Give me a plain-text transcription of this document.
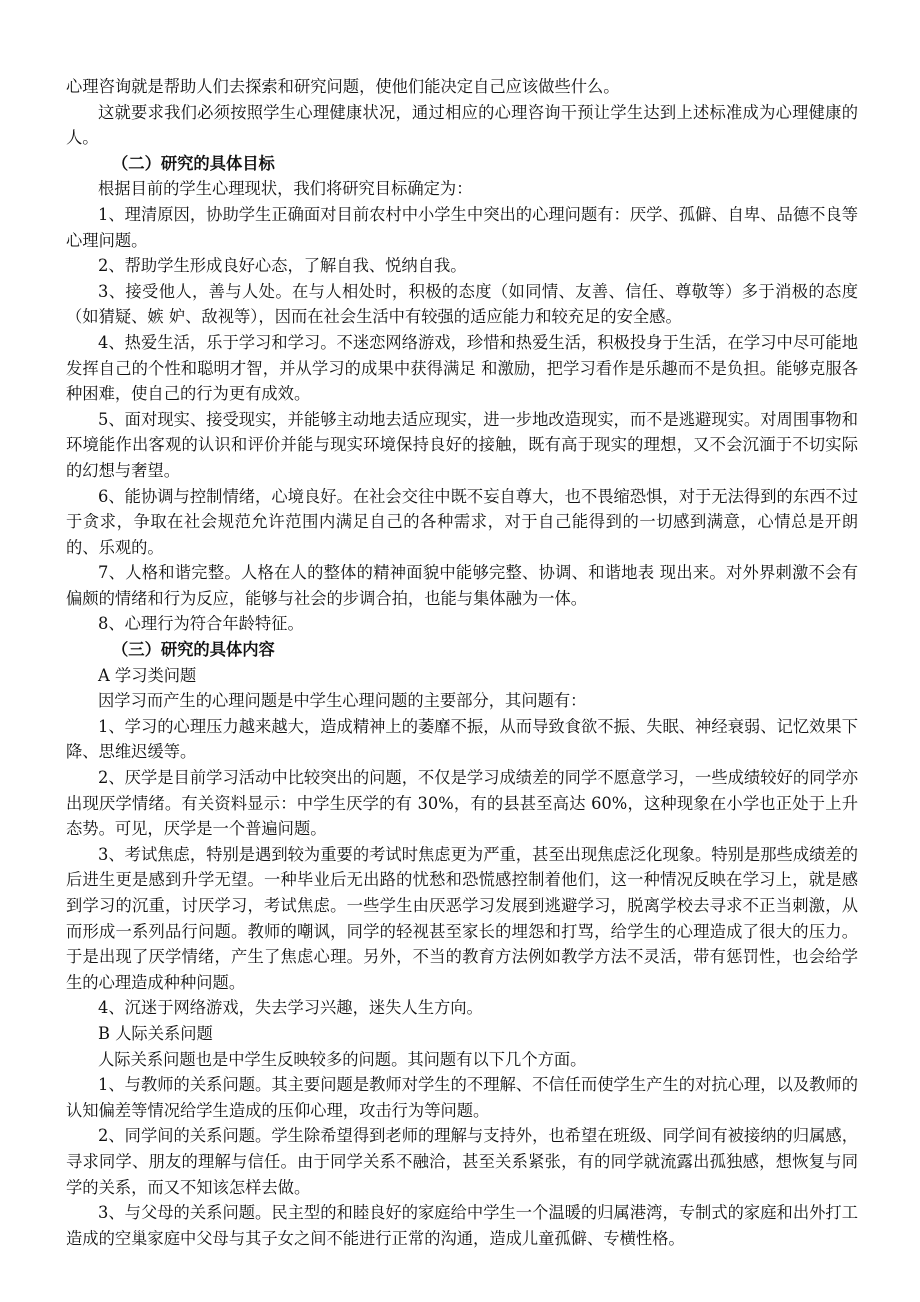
心理咨询就是帮助人们去探索和研究问题，使他们能决定自己应该做些什么。

这就要求我们必须按照学生心理健康状况，通过相应的心理咨询干预让学生达到上述标准成为心理健康的人。

（二）研究的具体目标

根据目前的学生心理现状，我们将研究目标确定为：

1、理清原因，协助学生正确面对目前农村中小学生中突出的心理问题有：厌学、孤僻、自卑、品德不良等心理问题。

2、帮助学生形成良好心态，了解自我、悦纳自我。

3、接受他人，善与人处。在与人相处时，积极的态度（如同情、友善、信任、尊敬等）多于消极的态度（如猜疑、嫉 妒、敌视等），因而在社会生活中有较强的适应能力和较充足的安全感。

4、热爱生活，乐于学习和学习。不迷恋网络游戏，珍惜和热爱生活，积极投身于生活，在学习中尽可能地发挥自己的个性和聪明才智，并从学习的成果中获得满足 和激励，把学习看作是乐趣而不是负担。能够克服各种困难，使自己的行为更有成效。

5、面对现实、接受现实，并能够主动地去适应现实，进一步地改造现实，而不是逃避现实。对周围事物和环境能作出客观的认识和评价并能与现实环境保持良好的接触，既有高于现实的理想，又不会沉湎于不切实际的幻想与奢望。

6、能协调与控制情绪，心境良好。在社会交往中既不妄自尊大，也不畏缩恐惧，对于无法得到的东西不过于贪求，争取在社会规范允许范围内满足自己的各种需求，对于自己能得到的一切感到满意，心情总是开朗的、乐观的。

7、人格和谐完整。人格在人的整体的精神面貌中能够完整、协调、和谐地表 现出来。对外界刺激不会有偏颇的情绪和行为反应，能够与社会的步调合拍，也能与集体融为一体。

8、心理行为符合年龄特征。

（三）研究的具体内容

A 学习类问题

因学习而产生的心理问题是中学生心理问题的主要部分，其问题有：

1、学习的心理压力越来越大，造成精神上的萎靡不振，从而导致食欲不振、失眠、神经衰弱、记忆效果下降、思维迟缓等。

2、厌学是目前学习活动中比较突出的问题，不仅是学习成绩差的同学不愿意学习，一些成绩较好的同学亦出现厌学情绪。有关资料显示：中学生厌学的有 30%，有的县甚至高达 60%，这种现象在小学也正处于上升态势。可见，厌学是一个普遍问题。

3、考试焦虑，特别是遇到较为重要的考试时焦虑更为严重，甚至出现焦虑泛化现象。特别是那些成绩差的后进生更是感到升学无望。一种毕业后无出路的忧愁和恐慌感控制着他们，这一种情况反映在学习上，就是感到学习的沉重，讨厌学习，考试焦虑。一些学生由厌恶学习发展到逃避学习，脱离学校去寻求不正当刺激，从而形成一系列品行问题。教师的嘲讽，同学的轻视甚至家长的埋怨和打骂，给学生的心理造成了很大的压力。于是出现了厌学情绪，产生了焦虑心理。另外，不当的教育方法例如教学方法不灵活，带有惩罚性，也会给学生的心理造成种种问题。

4、沉迷于网络游戏，失去学习兴趣，迷失人生方向。

B 人际关系问题

人际关系问题也是中学生反映较多的问题。其问题有以下几个方面。

1、与教师的关系问题。其主要问题是教师对学生的不理解、不信任而使学生产生的对抗心理，以及教师的认知偏差等情况给学生造成的压仰心理，攻击行为等问题。

2、同学间的关系问题。学生除希望得到老师的理解与支持外，也希望在班级、同学间有被接纳的归属感，寻求同学、朋友的理解与信任。由于同学关系不融洽，甚至关系紧张，有的同学就流露出孤独感，想恢复与同学的关系，而又不知该怎样去做。

3、与父母的关系问题。民主型的和睦良好的家庭给中学生一个温暖的归属港湾，专制式的家庭和出外打工造成的空巢家庭中父母与其子女之间不能进行正常的沟通，造成儿童孤僻、专横性格。
